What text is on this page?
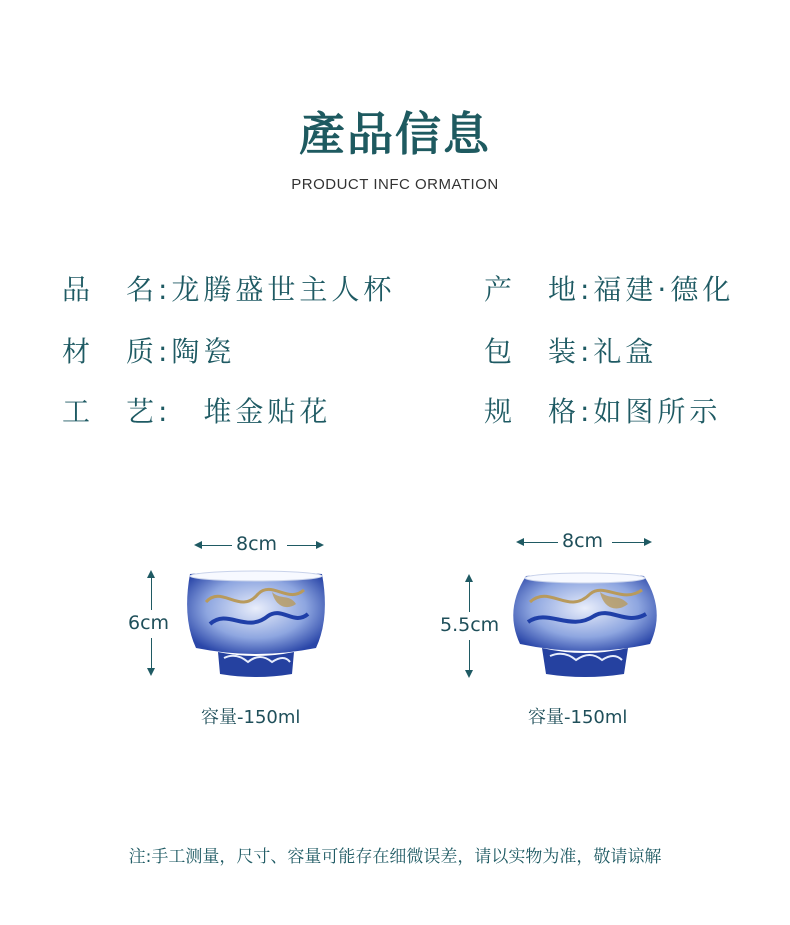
產品信息
PRODUCT INFC ORMATION
品　名:龙腾盛世主人杯	产　地:福建·德化
材　质:陶瓷	包　装:礼盒
工　艺:　堆金贴花	规　格:如图所示
8cm
6cm
容量-150ml
8cm
5.5cm
容量-150ml
注:手工测量，尺寸、容量可能存在细微误差，请以实物为准，敬请谅解
